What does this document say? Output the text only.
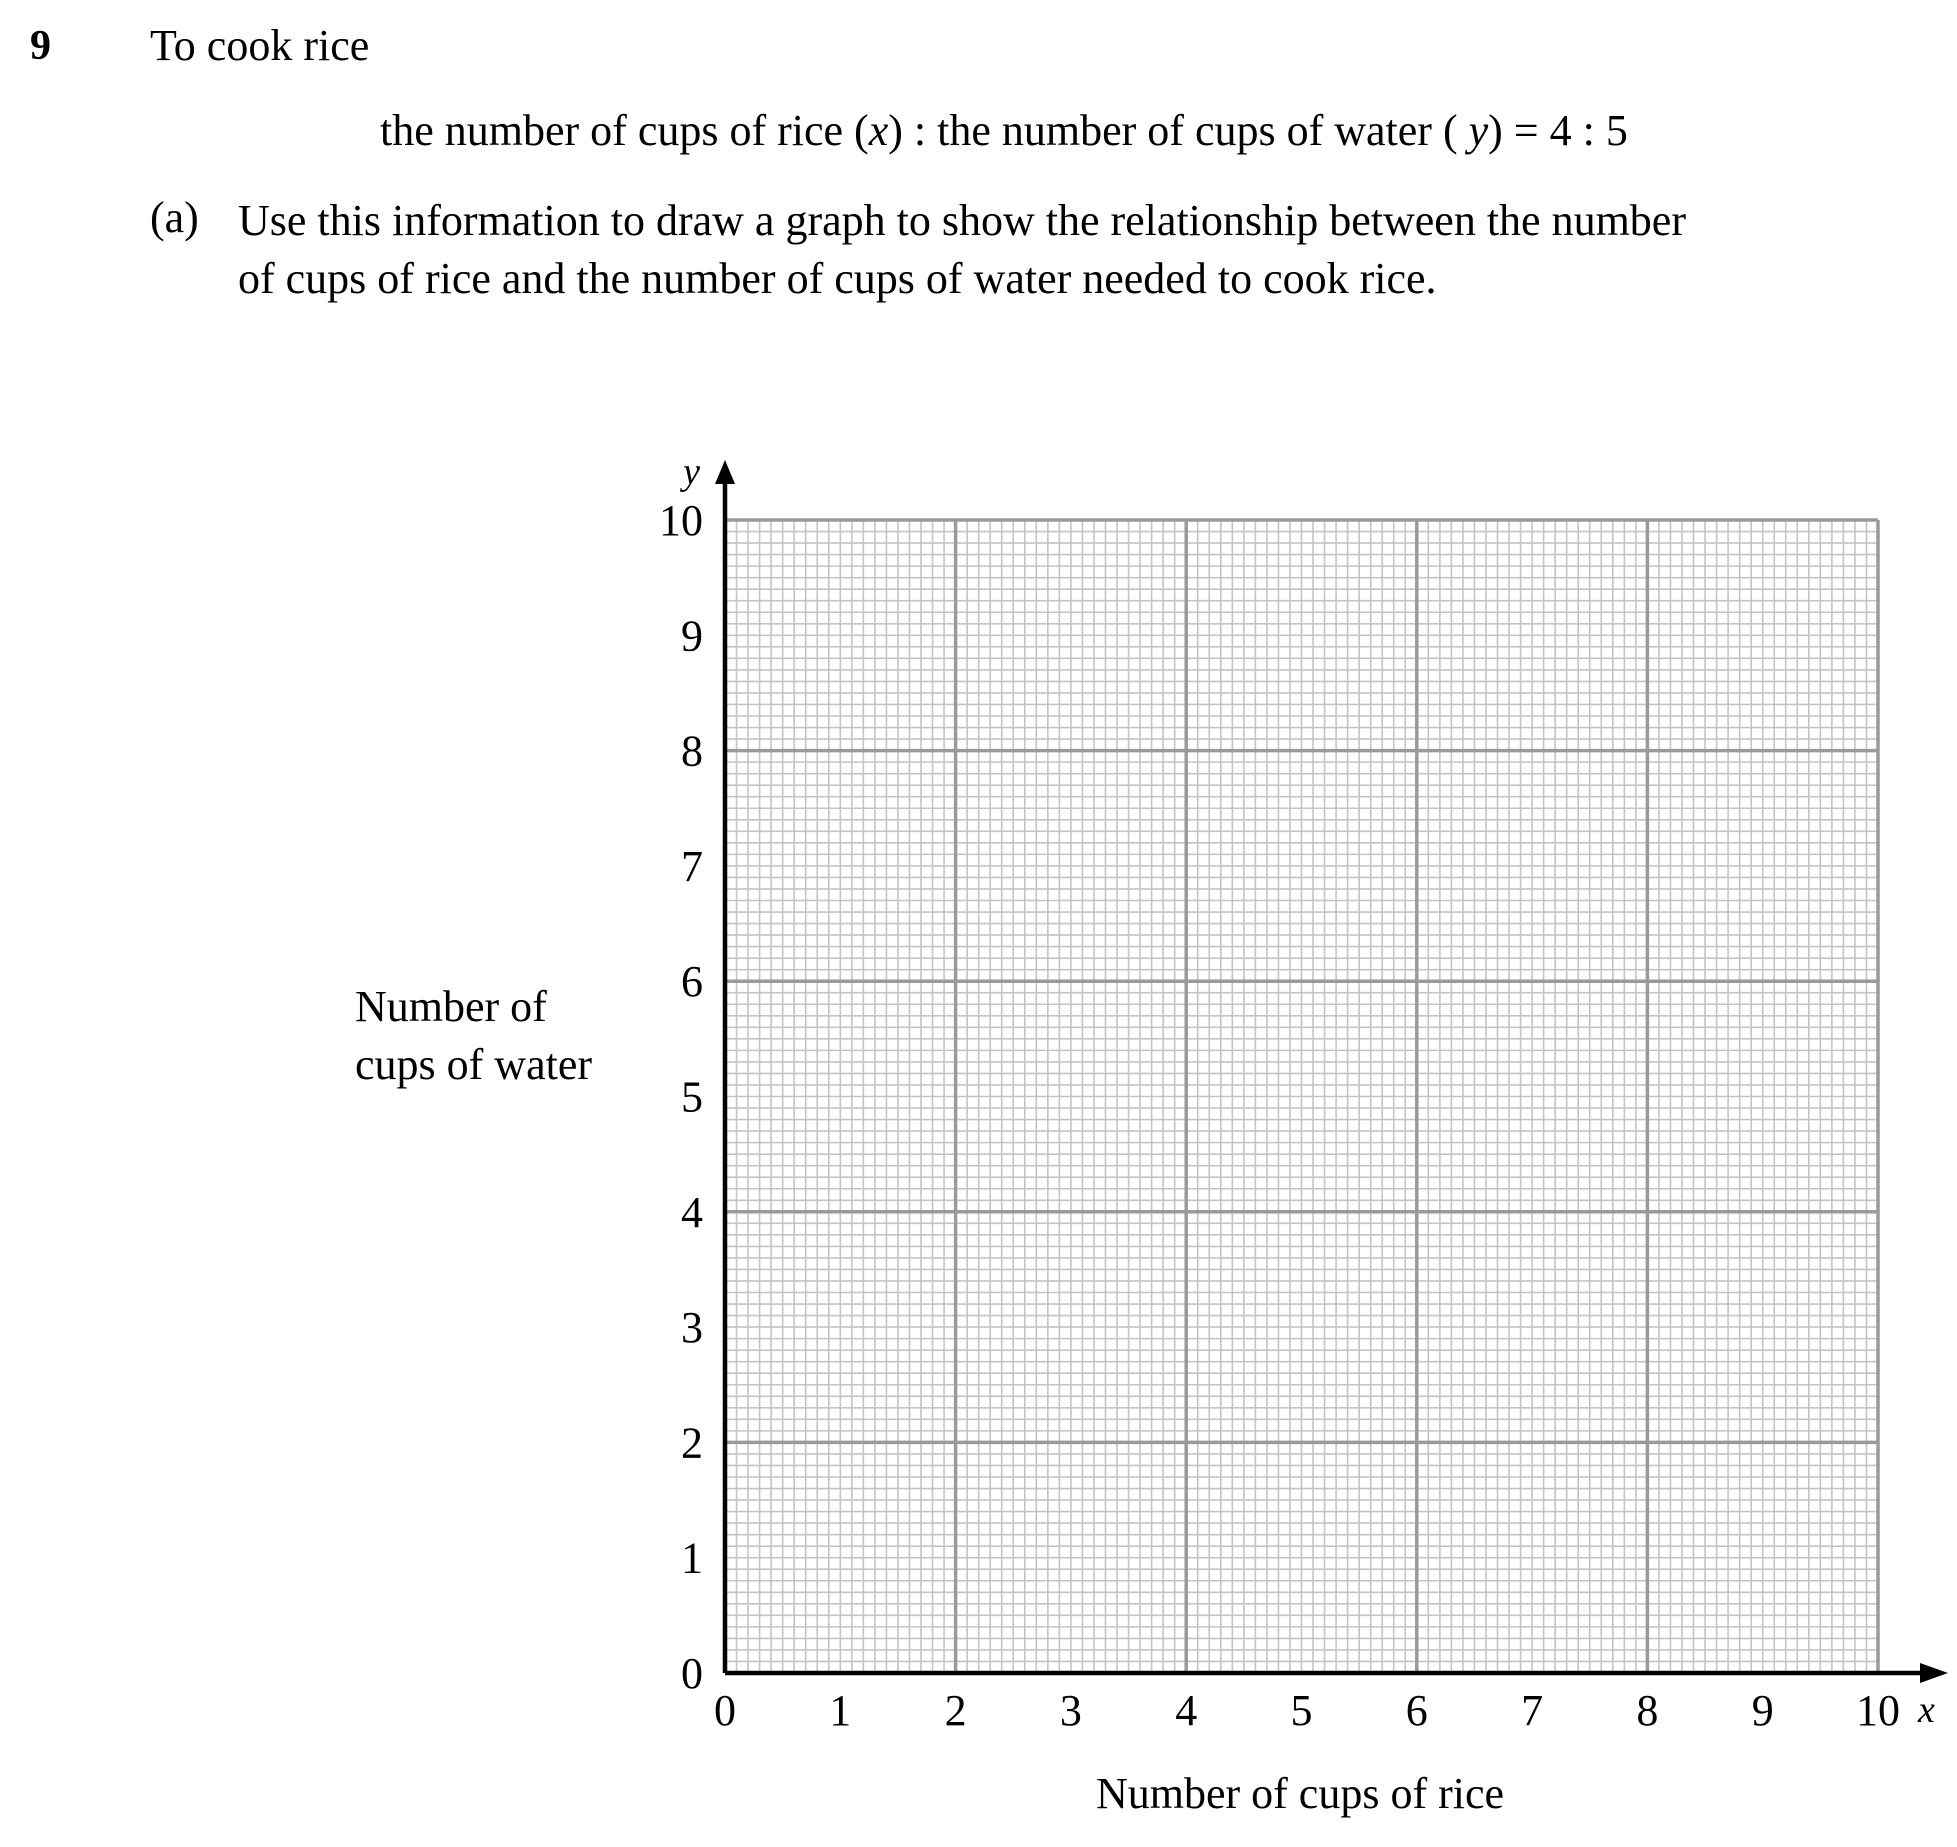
9 To cook rice
the number of cups of rice (x) : the number of cups of water ( y) = 4 : 5
(a) Use this information to draw a graph to show the relationship between the number
of cups of rice and the number of cups of water needed to cook rice.
Number of
cups of water
0
1
2
3
4
5
6
7
8
9
10
0 1 2 3 4 5 6 7 8 9 10 x
y
Number of cups of rice
